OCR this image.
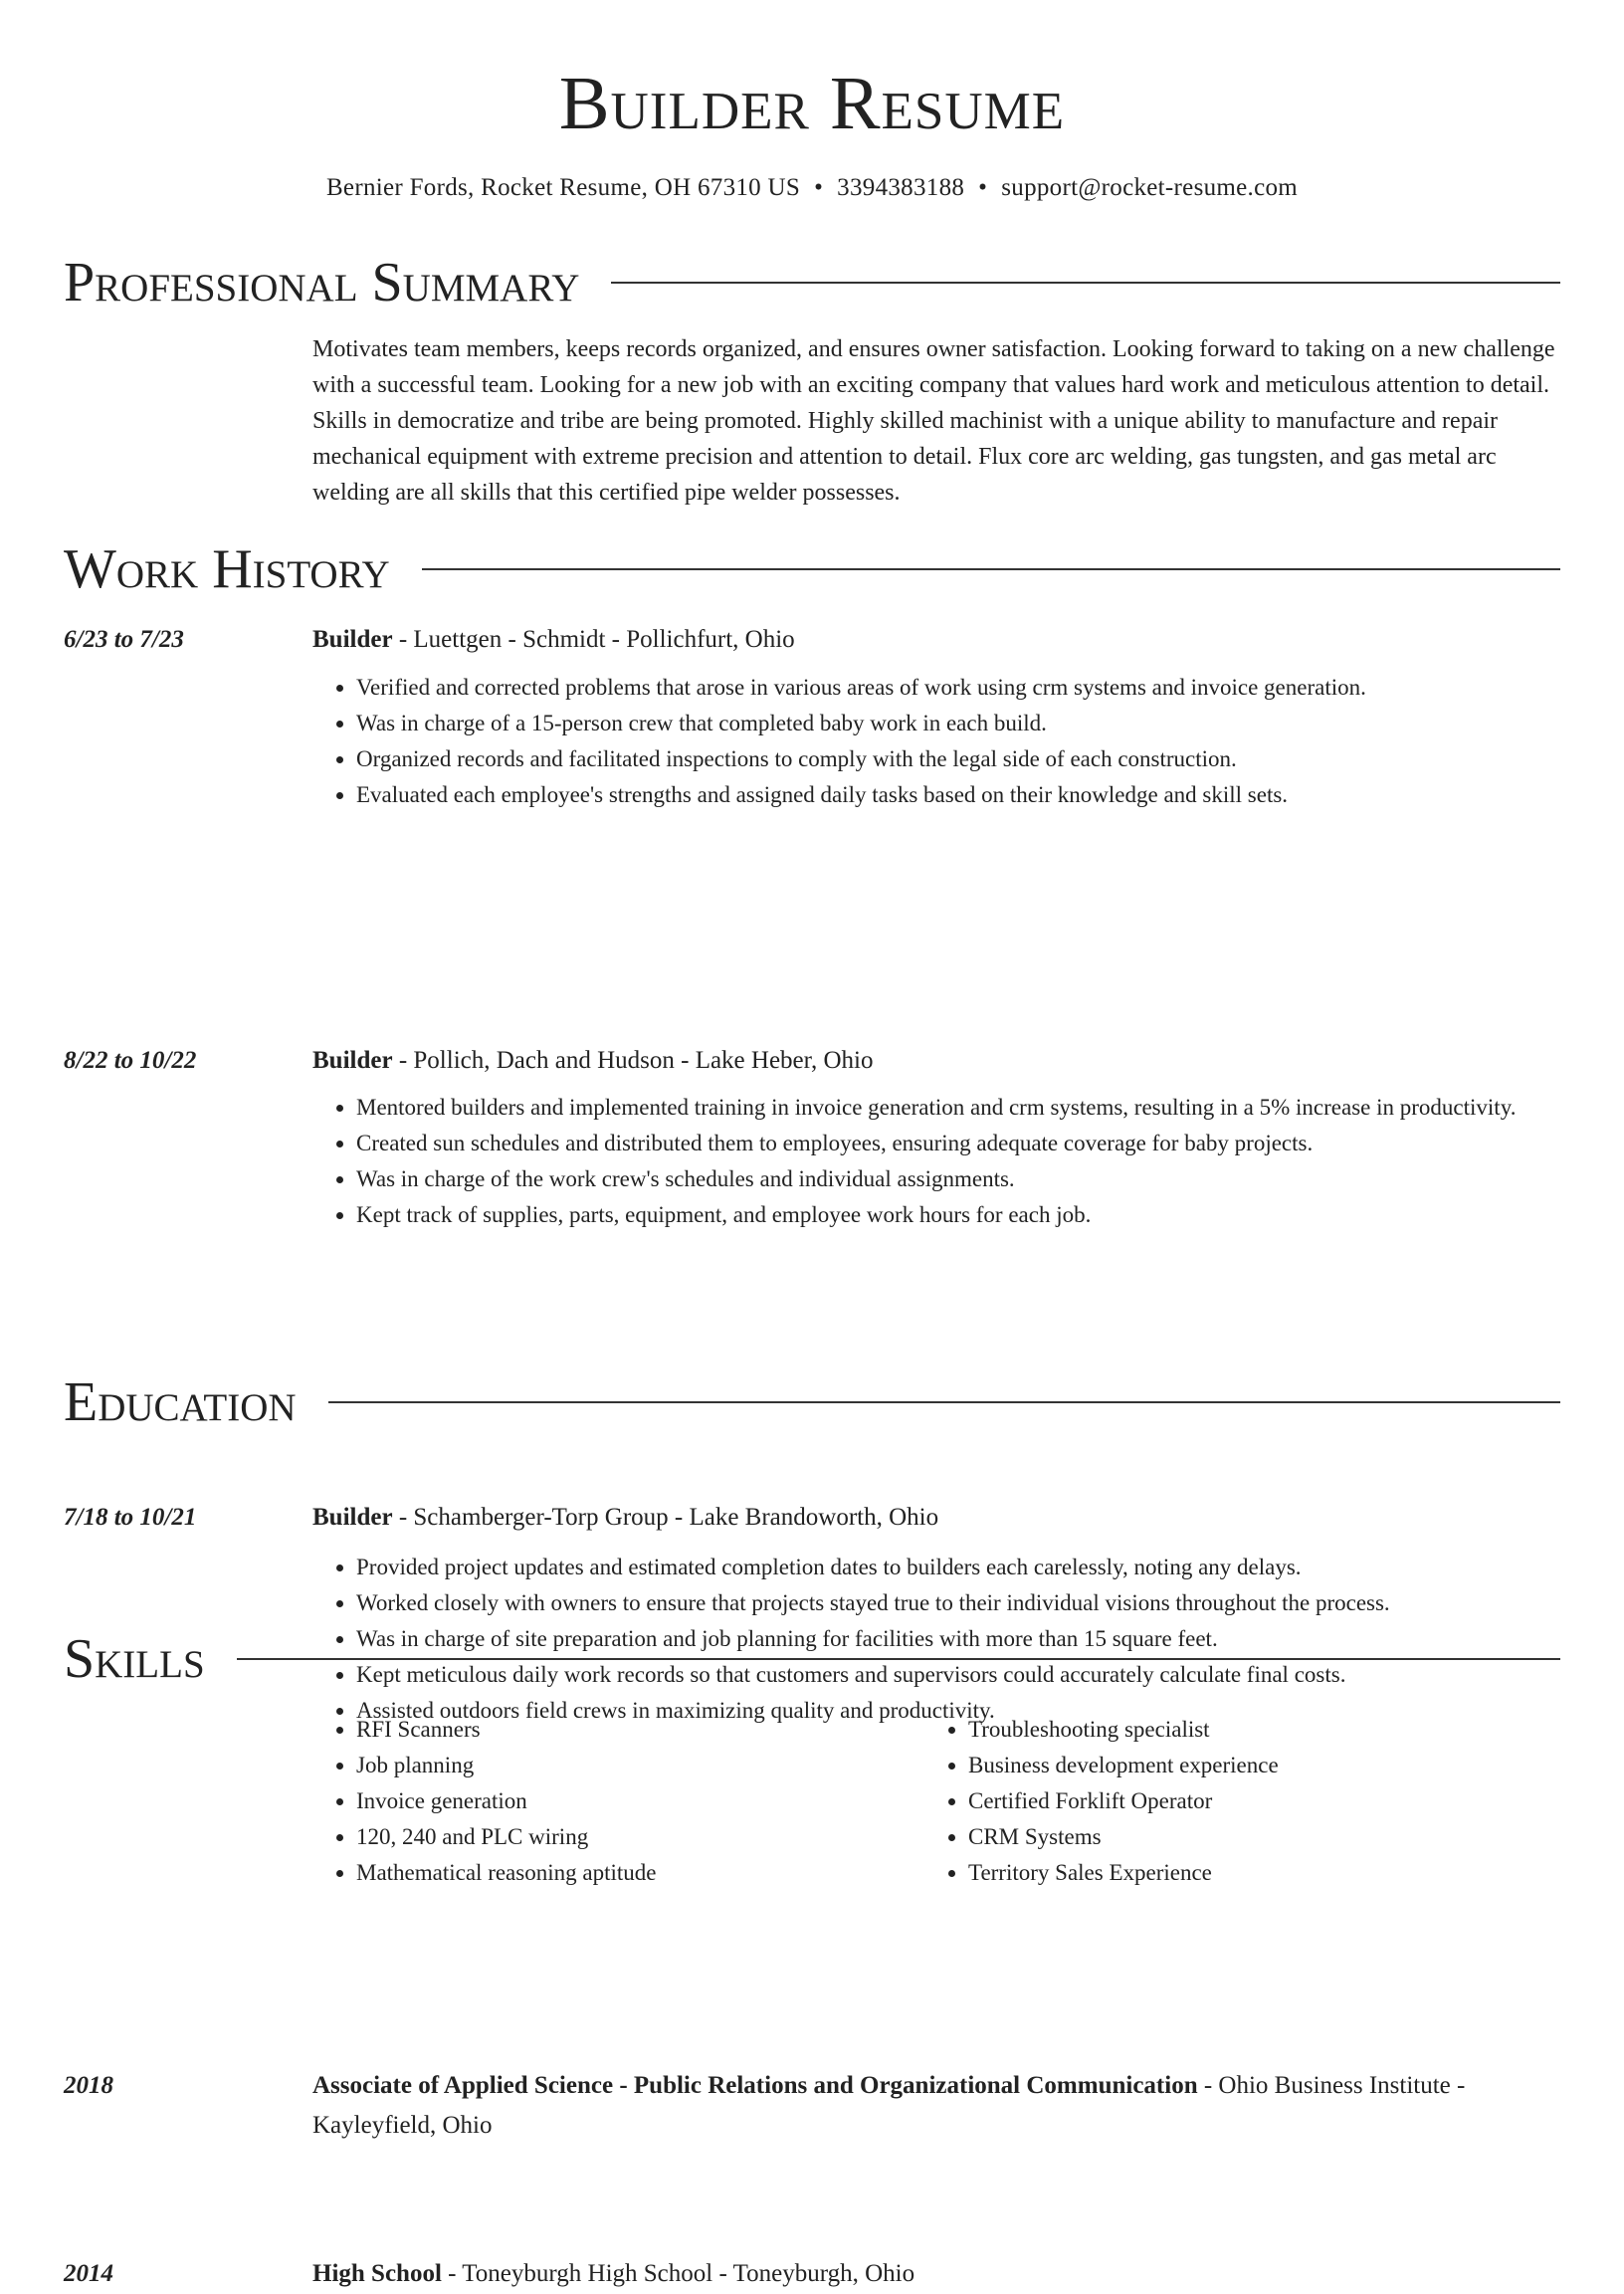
Builder Resume
Bernier Fords, Rocket Resume, OH 67310 US • 3394383188 • support@rocket-resume.com
Professional Summary
Motivates team members, keeps records organized, and ensures owner satisfaction. Looking forward to taking on a new challenge with a successful team. Looking for a new job with an exciting company that values hard work and meticulous attention to detail. Skills in democratize and tribe are being promoted. Highly skilled machinist with a unique ability to manufacture and repair mechanical equipment with extreme precision and attention to detail. Flux core arc welding, gas tungsten, and gas metal arc welding are all skills that this certified pipe welder possesses.
Work History
6/23 to 7/23	Builder - Luettgen - Schmidt - Pollichfurt, Ohio
• Verified and corrected problems that arose in various areas of work using crm systems and invoice generation.
• Was in charge of a 15-person crew that completed baby work in each build.
• Organized records and facilitated inspections to comply with the legal side of each construction.
• Evaluated each employee's strengths and assigned daily tasks based on their knowledge and skill sets.
8/22 to 10/22	Builder - Pollich, Dach and Hudson - Lake Heber, Ohio
• Mentored builders and implemented training in invoice generation and crm systems, resulting in a 5% increase in productivity.
• Created sun schedules and distributed them to employees, ensuring adequate coverage for baby projects.
• Was in charge of the work crew's schedules and individual assignments.
• Kept track of supplies, parts, equipment, and employee work hours for each job.
7/18 to 10/21	Builder - Schamberger-Torp Group - Lake Brandoworth, Ohio
• Provided project updates and estimated completion dates to builders each carelessly, noting any delays.
• Worked closely with owners to ensure that projects stayed true to their individual visions throughout the process.
• Was in charge of site preparation and job planning for facilities with more than 15 square feet.
• Kept meticulous daily work records so that customers and supervisors could accurately calculate final costs.
• Assisted outdoors field crews in maximizing quality and productivity.
Education
2018	Associate of Applied Science - Public Relations and Organizational Communication - Ohio Business Institute - Kayleyfield, Ohio
2014	High School - Toneyburgh High School - Toneyburgh, Ohio
Skills
• RFI Scanners
• Job planning
• Invoice generation
• 120, 240 and PLC wiring
• Mathematical reasoning aptitude
• Troubleshooting specialist
• Business development experience
• Certified Forklift Operator
• CRM Systems
• Territory Sales Experience
